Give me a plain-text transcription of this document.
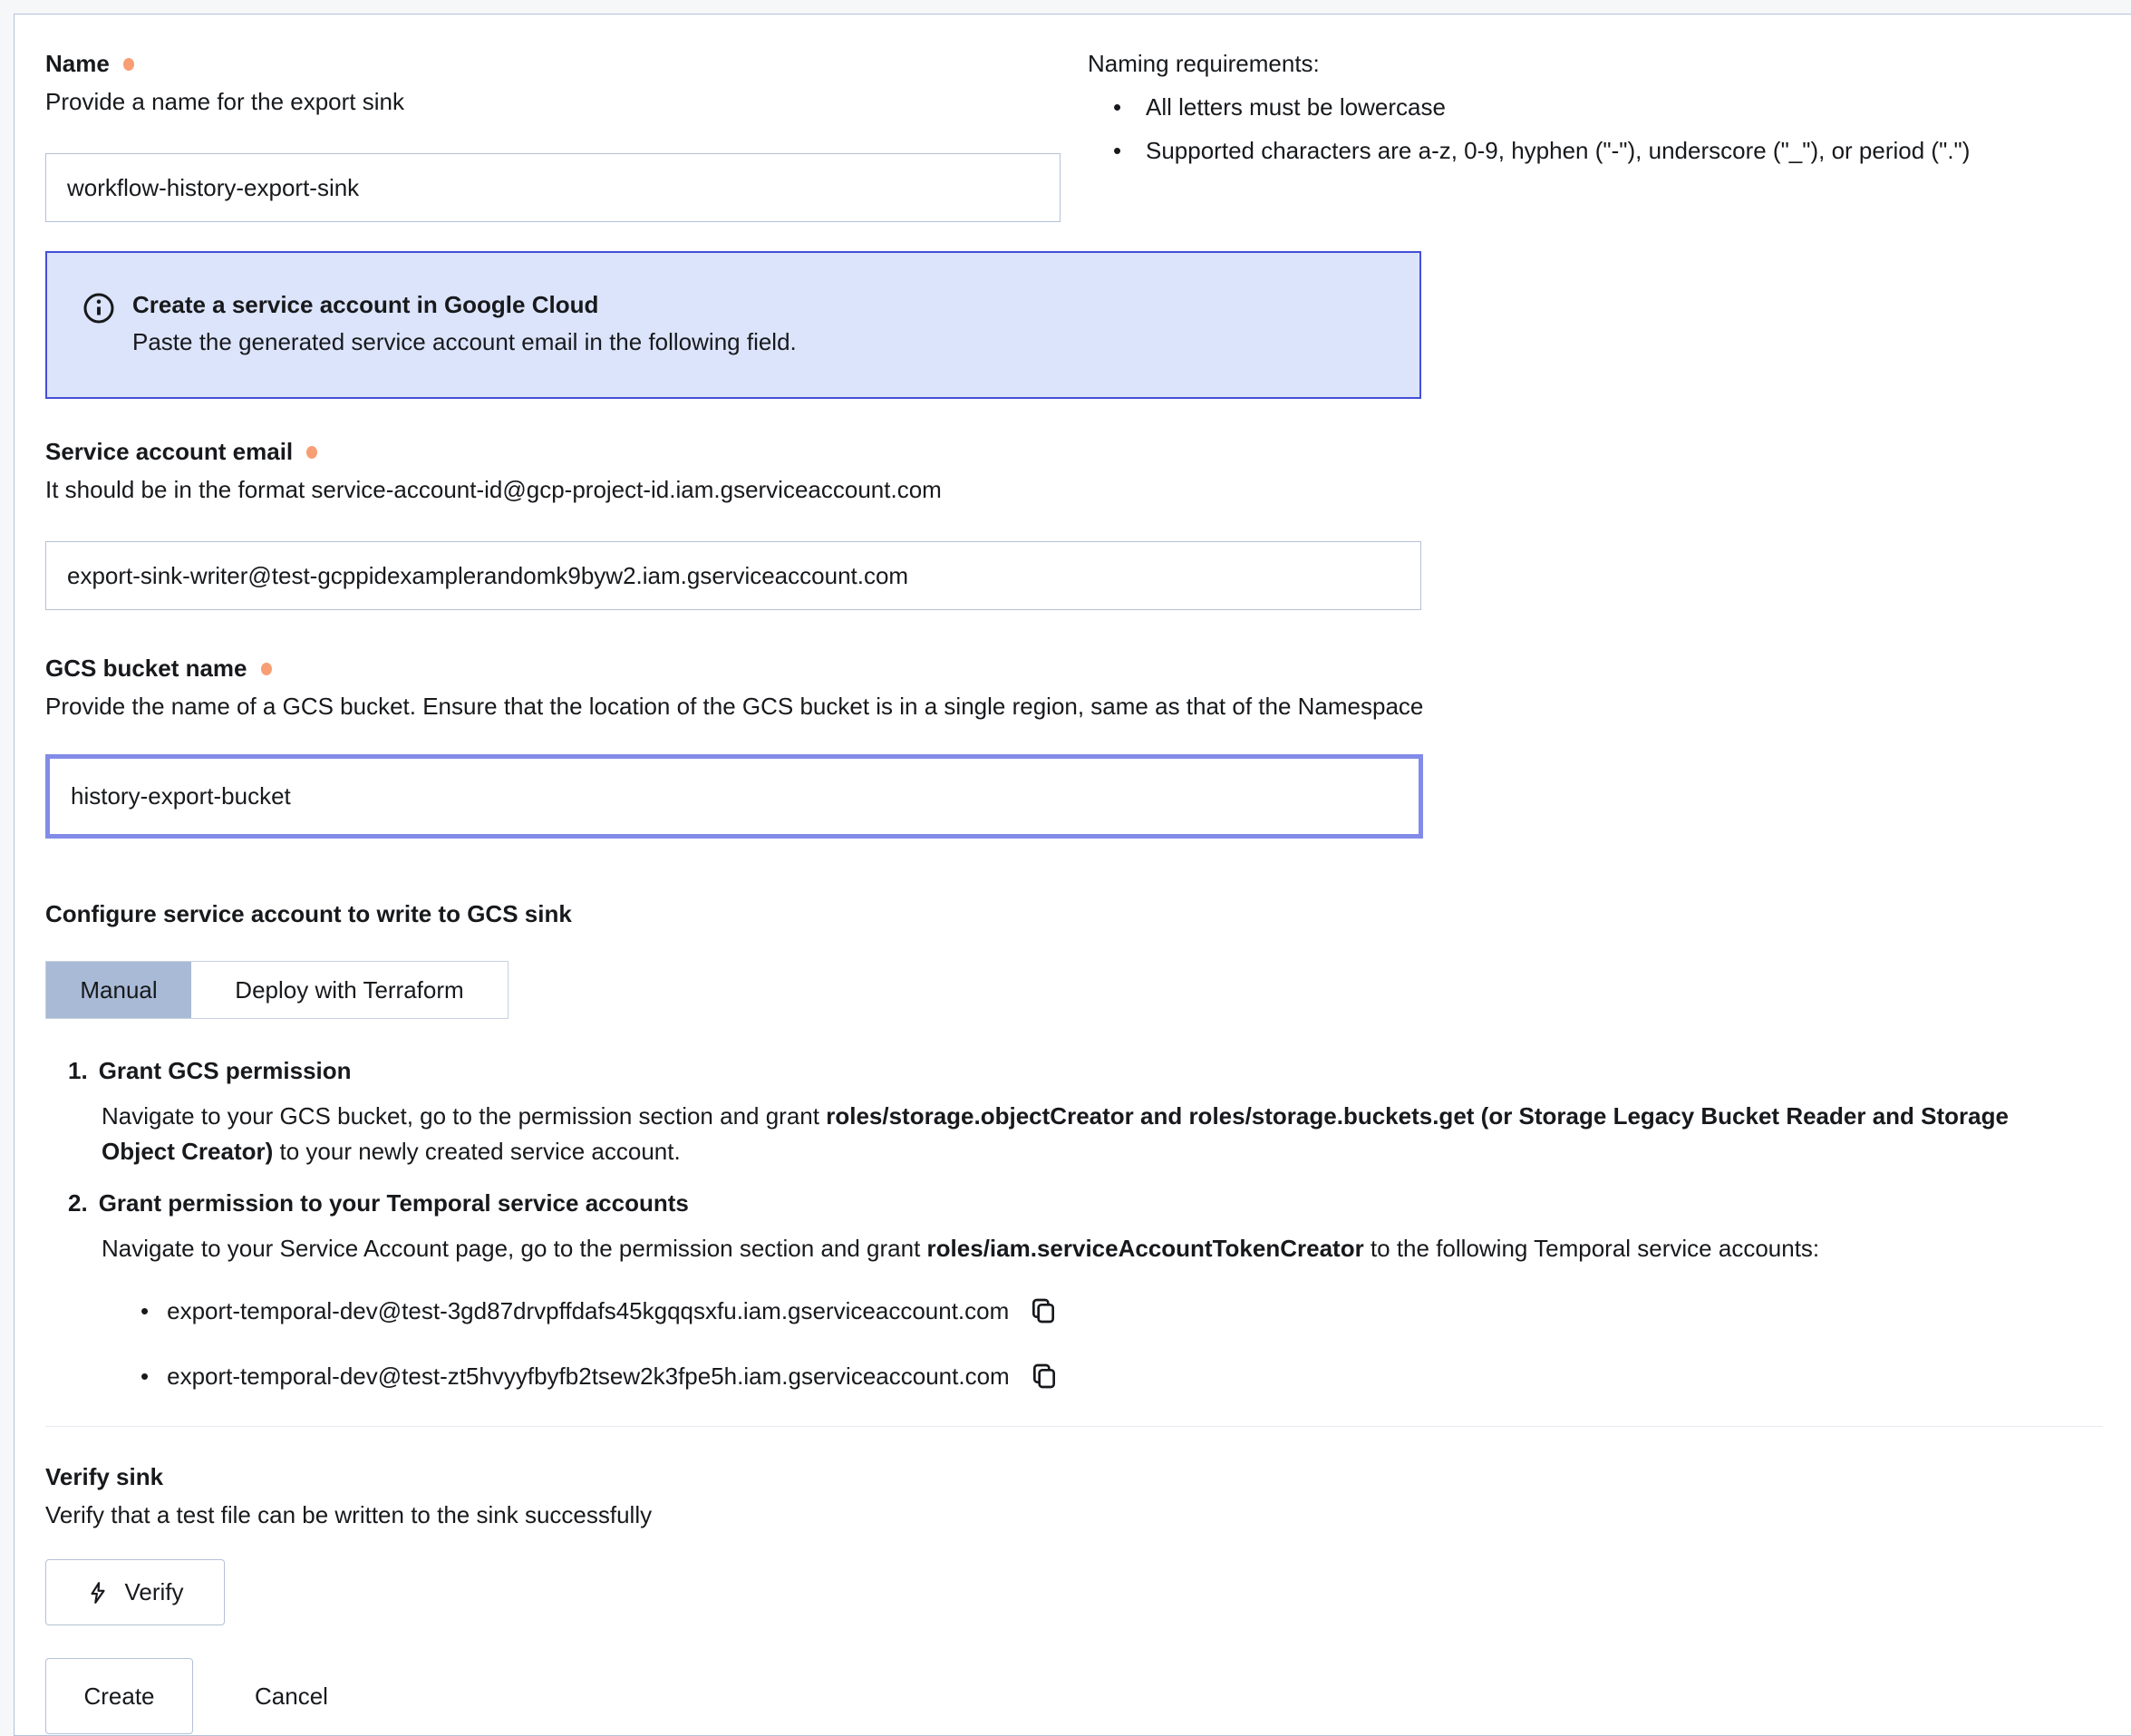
Name
Provide a name for the export sink
workflow-history-export-sink
Naming requirements:
•	All letters must be lowercase
•	Supported characters are a-z, 0-9, hyphen ("-"), underscore ("_"), or period (".")
Create a service account in Google Cloud
Paste the generated service account email in the following field.
Service account email
It should be in the format service-account-id@gcp-project-id.iam.gserviceaccount.com
export-sink-writer@test-gcppidexamplerandomk9byw2.iam.gserviceaccount.com
GCS bucket name
Provide the name of a GCS bucket. Ensure that the location of the GCS bucket is in a single region, same as that of the Namespace
history-export-bucket
Configure service account to write to GCS sink
Manual	Deploy with Terraform
1. Grant GCS permission
Navigate to your GCS bucket, go to the permission section and grant roles/storage.objectCreator and roles/storage.buckets.get (or Storage Legacy Bucket Reader and Storage Object Creator) to your newly created service account.
2. Grant permission to your Temporal service accounts
Navigate to your Service Account page, go to the permission section and grant roles/iam.serviceAccountTokenCreator to the following Temporal service accounts:
• export-temporal-dev@test-3gd87drvpffdafs45kgqqsxfu.iam.gserviceaccount.com
• export-temporal-dev@test-zt5hvyyfbyfb2tsew2k3fpe5h.iam.gserviceaccount.com
Verify sink
Verify that a test file can be written to the sink successfully
Verify
Create	Cancel
